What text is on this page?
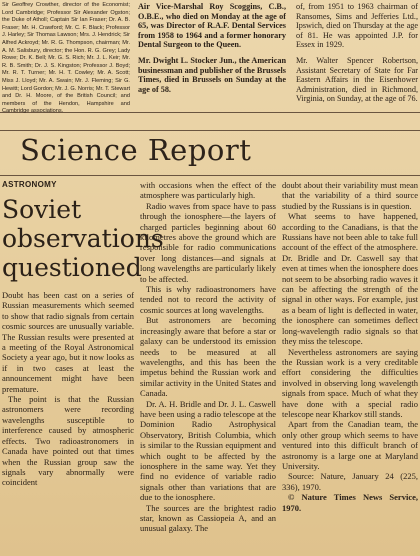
Sir Geoffrey Crowther, director of the Economist; Lord Cambridge; Professor Sir Alexander Ogston; the Duke of Atholl; Captain Sir Ian Fraser; Dr. A. B. Fraser; Mr. H. Crawford; Mr. C. F. Black; Professor J. Harley; Sir Thomas Lawson; Mrs. J. Hendrick; Sir Alfred Ackroyd; Mr. R. G. Thompson, chairman; Mr. A. M. Salisbury, director; the Hon. R. G. Grey; Lady Rowe; Dr. K. Bell; Mr. G. S. Rich; Mr. J. L. Keir; Mr. R. B. Smith; Dr. J. S. Kingston; Professor J. Boyd; Mr. R. T. Turner; Mr. H. T. Cowley; Mr. A. Scott; Miss J. Lloyd; Mr. A. Swain; Mr. J. Fleming; Sir G. Hewitt; Lord Gordon; Mr. J. G. Norris; Mr. T. Stewart and Dr. H. Moore, of the British Council; and members of the Hendon, Hampshire and Cambridge associations.

Air Vice-Marshal Roy Scoggins, C.B., O.B.E., who died on Monday at the age of 65, was Director of R.A.F. Dental Services from 1958 to 1964 and a former honorary Dental Surgeon to the Queen.

Mr. Dwight L. Stocker Jun., the American businessman and publisher of the Brussels Times, died in Brussels on Sunday at the age of 58.

of, from 1951 to 1963 chairman of Ransomes, Sims and Jefferies Ltd., Ipswich, died on Thursday at the age of 81. He was appointed J.P. for Essex in 1929.

Mr. Walter Spencer Robertson, Assistant Secretary of State for Far Eastern Affairs in the Eisenhower Administration, died in Richmond, Virginia, on Sunday, at the age of 76.

Science Report
ASTRONOMY
Soviet observations questioned

Doubt has been cast on a series of Russian measurements which seemed to show that radio signals from certain cosmic sources are unusually variable. The Russian results were presented at a meeting of the Royal Astronomical Society a year ago, but it now looks as if in two cases at least the announcement might have been premature.

The point is that the Russian astronomers were recording wavelengths susceptible to interference caused by atmospheric effects. Two radioastronomers in Canada have pointed out that times when the Russian group saw the signals vary abnormally were coincident

with occasions when the effect of the atmosphere was particularly high.

Radio waves from space have to pass through the ionosphere—the layers of charged particles beginning about 60 kilometres above the ground which are responsible for radio communications over long distances—and signals at long wavelengths are particularly likely to be affected.

This is why radioastronomers have tended not to record the activity of cosmic sources at long wavelengths.

But astronomers are becoming increasingly aware that before a star or galaxy can be understood its emission needs to be measured at all wavelengths, and this has been the impetus behind the Russian work and similar activity in the United States and Canada.

Dr. A. H. Bridle and Dr. J. L. Caswell have been using a radio telescope at the Dominion Radio Astrophysical Observatory, British Columbia, which is similar to the Russian equipment and which ought to be affected by the ionosphere in the same way. Yet they find no evidence of variable radio signals other than variations that are due to the ionosphere.

The sources are the brightest radio star, known as Cassiopeia A, and an unusual galaxy. The

doubt about their variability must mean that the variability of a third source studied by the Russians is in question.

What seems to have happened, according to the Canadians, is that the Russians have not been able to take full account of the effect of the atmosphere. Dr. Bridle and Dr. Caswell say that even at times when the ionosphere does not seem to be absorbing radio waves it can be affecting the strength of the signal in other ways. For example, just as a beam of light is deflected in water, the ionosphere can sometimes deflect long-wavelength radio signals so that they miss the telescope.

Nevertheless astronomers are saying the Russian work is a very creditable effort considering the difficulties involved in observing long wavelength signals from space. Much of what they have done with a special radio telescope near Kharkov still stands.

Apart from the Canadian team, the only other group which seems to have ventured into this difficult branch of astronomy is a large one at Maryland University.

Source: Nature, January 24 (225, 336), 1970.

© Nature Times News Service, 1970.
